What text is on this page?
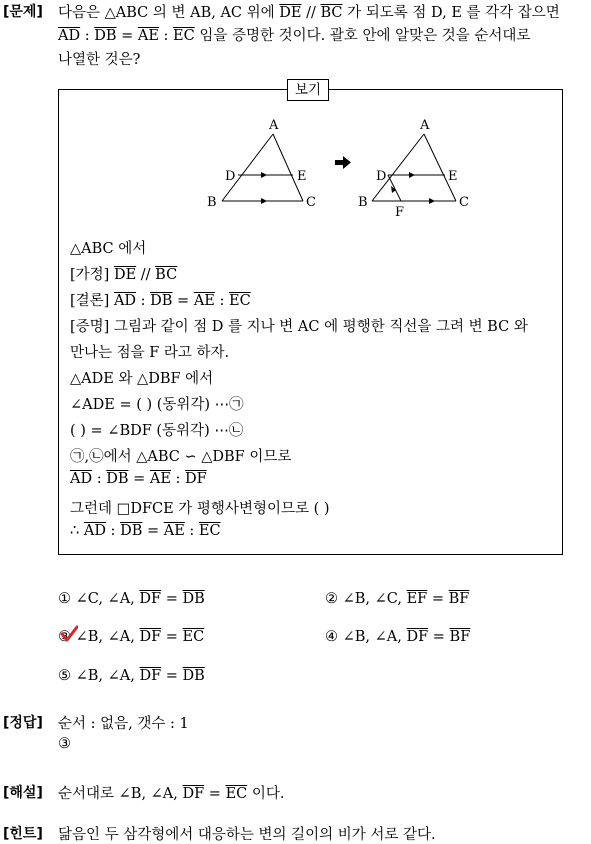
[문제] 다음은 △ABC 의 변 AB, AC 위에 $\overline{DE} // \overline{BC}$ 가 되도록 점 D, E 를 각각 잡으면
$\overline{AD}$ : $\overline{DB} = \overline{AE}$ : $\overline{EC}$ 임을 증명한 것이다. 괄호 안에 알맞은 것을 순서대로
나열한 것은?
보기
A
D	E
B	C
A
D	E
B	C
F
△ABC 에서
[가정] $\overline{DE} // \overline{BC}$
[결론] $\overline{AD}$ : $\overline{DB} = \overline{AE}$ : $\overline{EC}$
[증명] 그림과 같이 점 D 를 지나 변 AC 에 평행한 직선을 그려 변 BC 와
만나는 점을 F 라고 하자.
△ADE 와 △DBF 에서
∠ADE = ( ) (동위각) ⋯㉠
( ) = ∠BDF (동위각) ⋯㉡
㉠,㉡에서 △ABC ∽ △DBF 이므로
$\overline{AD}$ : $\overline{DB} = \overline{AE}$ : $\overline{DF}$
그런데 □DFCE 가 평행사변형이므로 ( )
∴ $\overline{AD}$ : $\overline{DB} = \overline{AE}$ : $\overline{EC}$
① ∠C, ∠A, $\overline{DF} = \overline{DB}$	② ∠B, ∠C, $\overline{EF} = \overline{BF}$
③ ∠B, ∠A, $\overline{DF} = \overline{EC}$	④ ∠B, ∠A, $\overline{DF} = \overline{BF}$
⑤ ∠B, ∠A, $\overline{DF} = \overline{DB}$
[정답] 순서 : 없음, 갯수 : 1
③
[해설] 순서대로 ∠B, ∠A, $\overline{DF} = \overline{EC}$ 이다.
[힌트] 닮음인 두 삼각형에서 대응하는 변의 길이의 비가 서로 같다.
